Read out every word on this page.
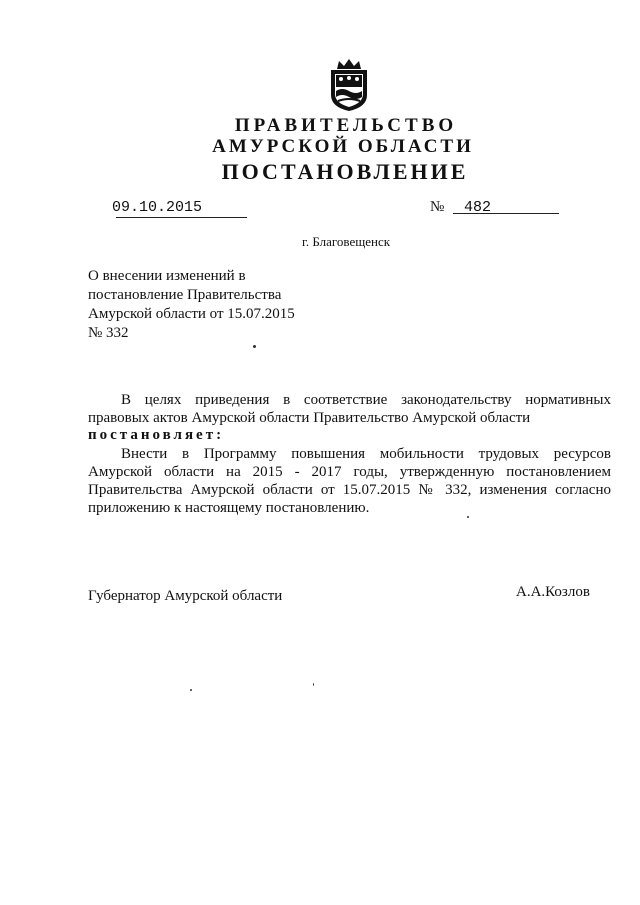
ПРАВИТЕЛЬСТВО
АМУРСКОЙ ОБЛАСТИ
ПОСТАНОВЛЕНИЕ
09.10.2015	№ 482
г. Благовещенск
О внесении изменений в
постановление Правительства
Амурской области от 15.07.2015
№ 332
В целях приведения в соответствие законодательству нормативных
правовых актов Амурской области Правительство Амурской области
постановляет:
Внести в Программу повышения мобильности трудовых ресурсов
Амурской области на 2015 - 2017 годы, утвержденную постановлением
Правительства Амурской области от 15.07.2015 № 332, изменения согласно
приложению к настоящему постановлению.
Губернатор Амурской области	А.А.Козлов
